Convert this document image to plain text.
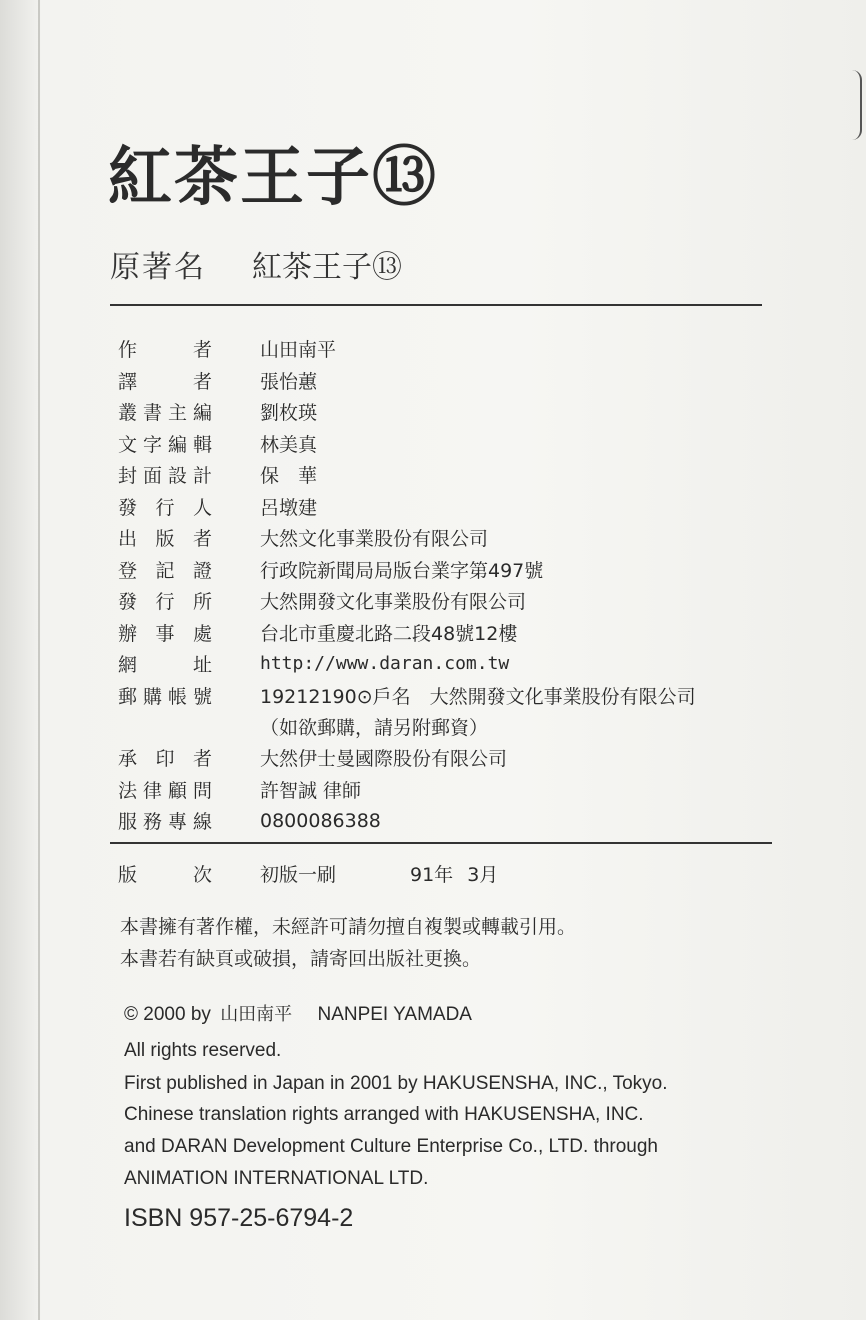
紅茶王子⑬
原著名 紅茶王子⑬
作 者	山田南平
譯 者	張怡蕙
叢書主編	劉枚瑛
文字編輯	林美真
封面設計	保　華
發行人	呂墩建
出版者	大然文化事業股份有限公司
登記證	行政院新聞局局版台業字第497號
發行所	大然開發文化事業股份有限公司
辦事處	台北市重慶北路二段48號12樓
網 址	http://www.daran.com.tw
郵購帳號	19212190⊙戶名　大然開發文化事業股份有限公司
（如欲郵購，請另附郵資）
承印者	大然伊士曼國際股份有限公司
法律顧問	許智誠 律師
服務專線	0800086388
版 次	初版一刷	91年 3月
本書擁有著作權，未經許可請勿擅自複製或轉載引用。
本書若有缺頁或破損，請寄回出版社更換。
© 2000 by 山田南平 NANPEI YAMADA
All rights reserved.
First published in Japan in 2001 by HAKUSENSHA, INC., Tokyo.
Chinese translation rights arranged with HAKUSENSHA, INC.
and DARAN Development Culture Enterprise Co., LTD. through
ANIMATION INTERNATIONAL LTD.
ISBN 957-25-6794-2
